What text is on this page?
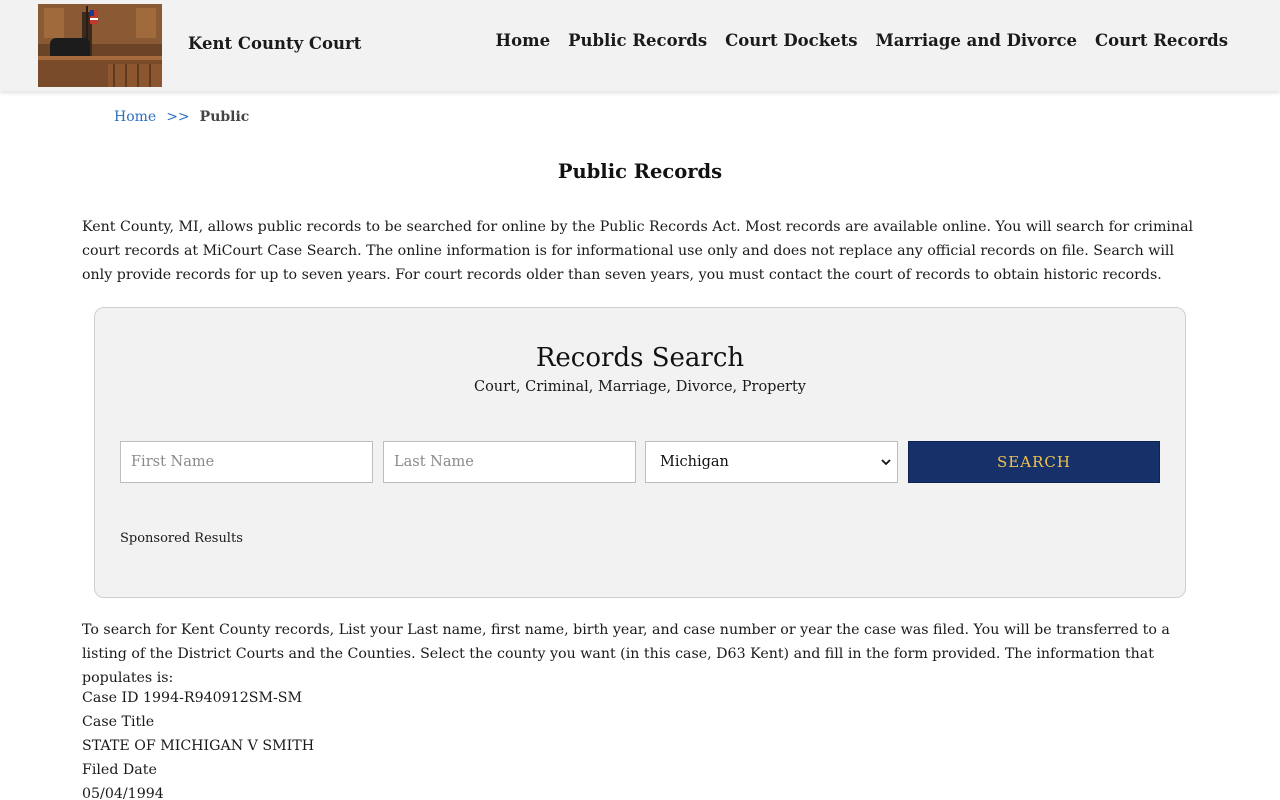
Kent County Court	Home Public Records Court Dockets Marriage and Divorce Court Records
Home >> Public
Public Records

Kent County, MI, allows public records to be searched for online by the Public Records Act. Most records are available online. You will search for criminal court records at MiCourt Case Search. The online information is for informational use only and does not replace any official records on file. Search will only provide records for up to seven years. For court records older than seven years, you must contact the court of records to obtain historic records.

Records Search
Court, Criminal, Marriage, Divorce, Property
First Name
Last Name
Michigan	SEARCH
Sponsored Results

To search for Kent County records, List your Last name, first name, birth year, and case number or year the case was filed. You will be transferred to a listing of the District Courts and the Counties. Select the county you want (in this case, D63 Kent) and fill in the form provided. The information that populates is:

Case ID 1994-R940912SM-SM
Case Title
STATE OF MICHIGAN V SMITH
Filed Date
05/04/1994
